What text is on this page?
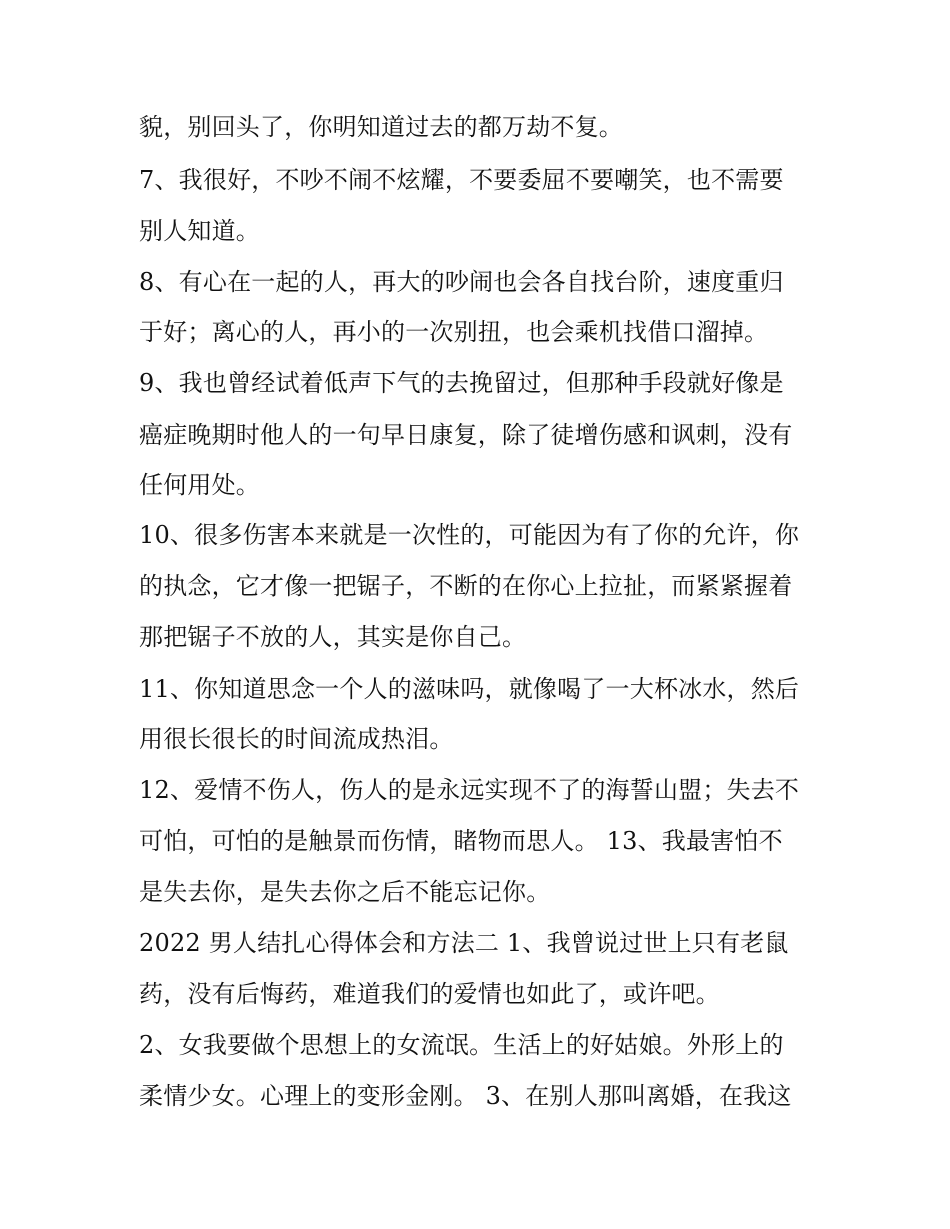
貌，别回头了，你明知道过去的都万劫不复。
7、我很好，不吵不闹不炫耀，不要委屈不要嘲笑，也不需要
别人知道。
8、有心在一起的人，再大的吵闹也会各自找台阶，速度重归
于好；离心的人，再小的一次别扭，也会乘机找借口溜掉。
9、我也曾经试着低声下气的去挽留过，但那种手段就好像是
癌症晚期时他人的一句早日康复，除了徒增伤感和讽刺，没有
任何用处。
10、很多伤害本来就是一次性的，可能因为有了你的允许，你
的执念，它才像一把锯子，不断的在你心上拉扯，而紧紧握着
那把锯子不放的人，其实是你自己。
11、你知道思念一个人的滋味吗，就像喝了一大杯冰水，然后
用很长很长的时间流成热泪。
12、爱情不伤人，伤人的是永远实现不了的海誓山盟；失去不
可怕，可怕的是触景而伤情，睹物而思人。 13、我最害怕不
是失去你，是失去你之后不能忘记你。
2022 男人结扎心得体会和方法二 1、我曾说过世上只有老鼠
药，没有后悔药，难道我们的爱情也如此了，或许吧。
2、女我要做个思想上的女流氓。生活上的好姑娘。外形上的
柔情少女。心理上的变形金刚。 3、在别人那叫离婚，在我这
